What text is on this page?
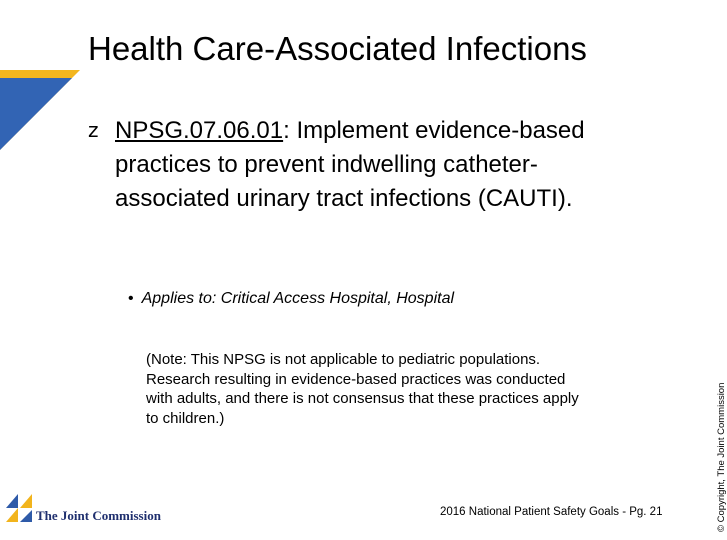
Health Care-Associated Infections
z NPSG.07.06.01: Implement evidence-based practices to prevent indwelling catheter-associated urinary tract infections (CAUTI).
• Applies to: Critical Access Hospital, Hospital
(Note: This NPSG is not applicable to pediatric populations. Research resulting in evidence-based practices was conducted with adults, and there is not consensus that these practices apply to children.)
The Joint Commission	2016 National Patient Safety Goals - Pg. 21	© Copyright, The Joint Commission
